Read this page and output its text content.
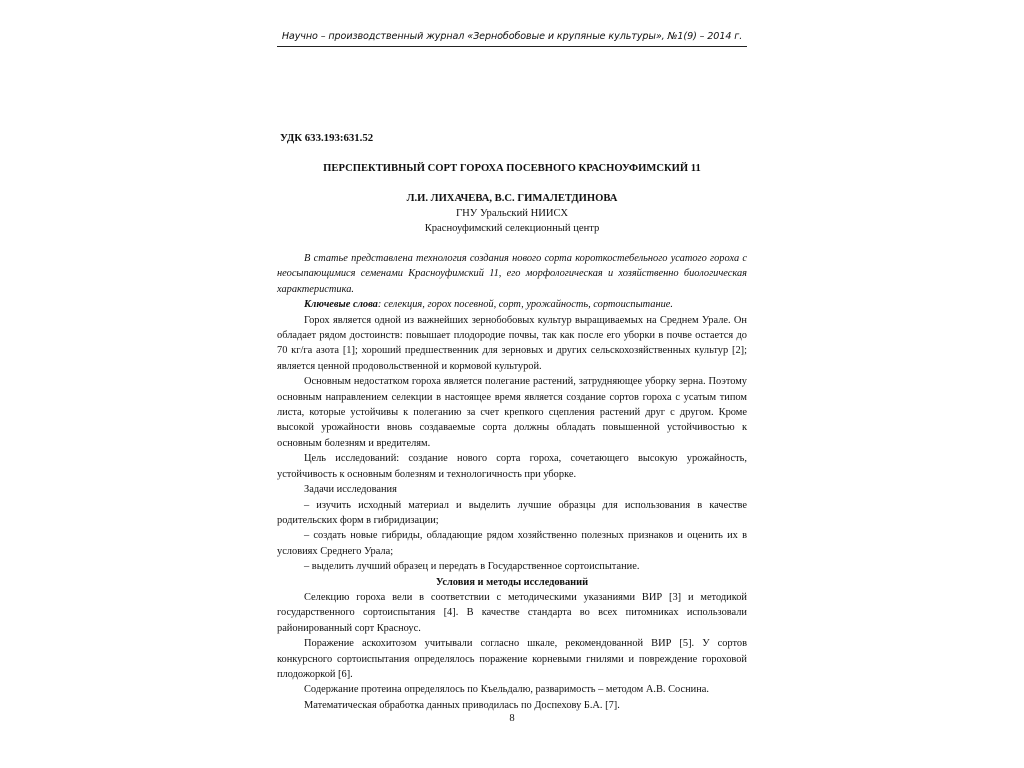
Научно – производственный журнал «Зернобобовые и крупяные культуры», №1(9) – 2014 г.
УДК 633.193:631.52
ПЕРСПЕКТИВНЫЙ СОРТ ГОРОХА ПОСЕВНОГО КРАСНОУФИМСКИЙ 11
Л.И. ЛИХАЧЕВА, В.С. ГИМАЛЕТДИНОВА
ГНУ Уральский НИИСХ
Красноуфимский селекционный центр

В статье представлена технология создания нового сорта короткостебельного усатого гороха с неосыпающимися семенами Красноуфимский 11, его морфологическая и хозяйственно биологическая характеристика.

Ключевые слова: селекция, горох посевной, сорт, урожайность, сортоиспытание.

Горох является одной из важнейших зернобобовых культур выращиваемых на Среднем Урале. Он обладает рядом достоинств: повышает плодородие почвы, так как после его уборки в почве остается до 70 кг/га азота [1]; хороший предшественник для зерновых и других сельскохозяйственных культур [2]; является ценной продовольственной и кормовой культурой.

Основным недостатком гороха является полегание растений, затрудняющее уборку зерна. Поэтому основным направлением селекции в настоящее время является создание сортов гороха с усатым типом листа, которые устойчивы к полеганию за счет крепкого сцепления растений друг с другом. Кроме высокой урожайности вновь создаваемые сорта должны обладать повышенной устойчивостью к основным болезням и вредителям.

Цель исследований: создание нового сорта гороха, сочетающего высокую урожайность, устойчивость к основным болезням и технологичность при уборке.

Задачи исследования

– изучить исходный материал и выделить лучшие образцы для использования в качестве родительских форм в гибридизации;

– создать новые гибриды, обладающие рядом хозяйственно полезных признаков и оценить их в условиях Среднего Урала;

– выделить лучший образец и передать в Государственное сортоиспытание.

Условия и методы исследований

Селекцию гороха вели в соответствии с методическими указаниями ВИР [3] и методикой государственного сортоиспытания [4]. В качестве стандарта во всех питомниках использовали районированный сорт Красноус.

Поражение аскохитозом учитывали согласно шкале, рекомендованной ВИР [5]. У сортов конкурсного сортоиспытания определялось поражение корневыми гнилями и повреждение гороховой плодожоркой [6].

Содержание протеина определялось по Къельдалю, разваримость – методом А.В. Соснина.

Математическая обработка данных приводилась по Доспехову Б.А. [7].

8
